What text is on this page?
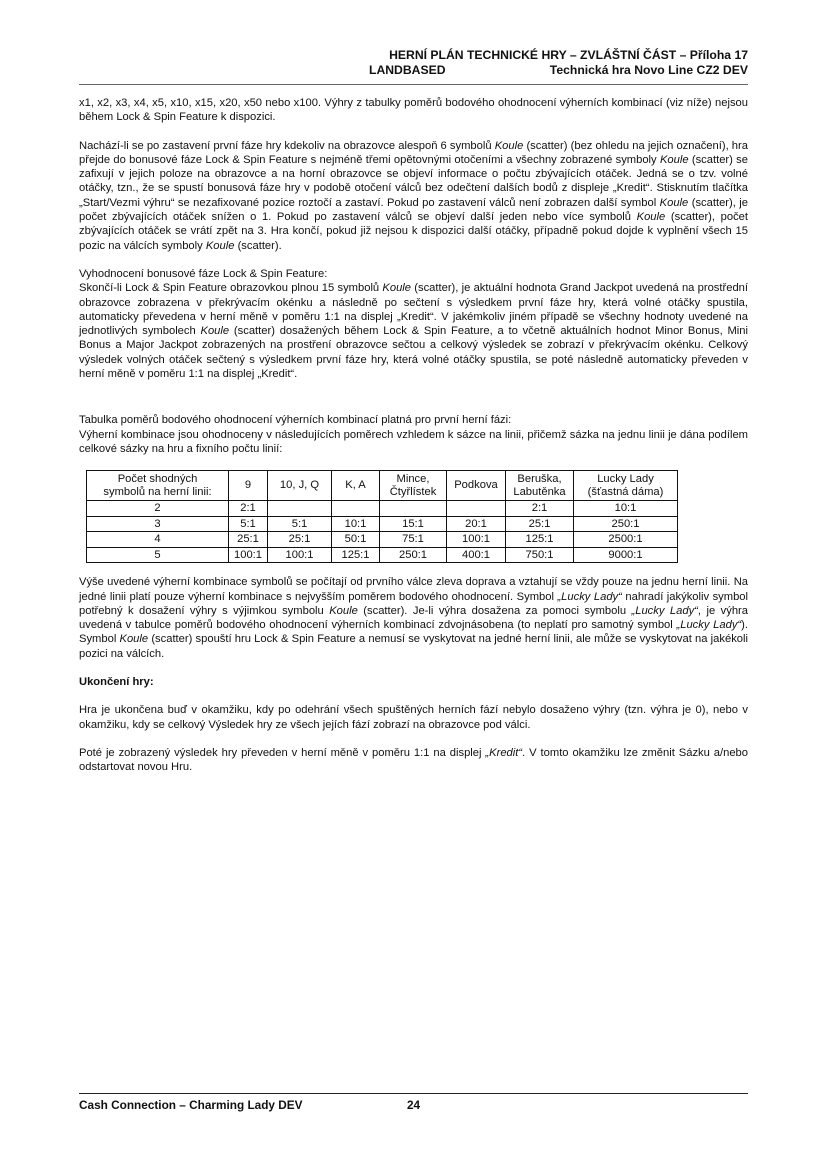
HERNÍ PLÁN TECHNICKÉ HRY – ZVLÁŠTNÍ ČÁST – Příloha 17
LANDBASED	Technická hra Novo Line CZ2 DEV

x1, x2, x3, x4, x5, x10, x15, x20, x50 nebo x100. Výhry z tabulky poměrů bodového ohodnocení výherních kombinací (viz níže) nejsou během Lock & Spin Feature k dispozici.

Nachází-li se po zastavení první fáze hry kdekoliv na obrazovce alespoň 6 symbolů Koule (scatter) (bez ohledu na jejich označení), hra přejde do bonusové fáze Lock & Spin Feature s nejméně třemi opětovnými otočeními a všechny zobrazené symboly Koule (scatter) se zafixují v jejich poloze na obrazovce a na horní obrazovce se objeví informace o počtu zbývajících otáček. Jedná se o tzv. volné otáčky, tzn., že se spustí bonusová fáze hry v podobě otočení válců bez odečtení dalších bodů z displeje „Kredit“. Stisknutím tlačítka „Start/Vezmi výhru“ se nezafixované pozice roztočí a zastaví. Pokud po zastavení válců není zobrazen další symbol Koule (scatter), je počet zbývajících otáček snížen o 1. Pokud po zastavení válců se objeví další jeden nebo více symbolů Koule (scatter), počet zbývajících otáček se vrátí zpět na 3. Hra končí, pokud již nejsou k dispozici další otáčky, případně pokud dojde k vyplnění všech 15 pozic na válcích symboly Koule (scatter).

Vyhodnocení bonusové fáze Lock & Spin Feature:

Skončí-li Lock & Spin Feature obrazovkou plnou 15 symbolů Koule (scatter), je aktuální hodnota Grand Jackpot uvedená na prostřední obrazovce zobrazena v překrývacím okénku a následně po sečtení s výsledkem první fáze hry, která volné otáčky spustila, automaticky převedena v herní měně v poměru 1:1 na displej „Kredit“. V jakémkoliv jiném případě se všechny hodnoty uvedené na jednotlivých symbolech Koule (scatter) dosažených během Lock & Spin Feature, a to včetně aktuálních hodnot Minor Bonus, Mini Bonus a Major Jackpot zobrazených na prostření obrazovce sečtou a celkový výsledek se zobrazí v překrývacím okénku. Celkový výsledek volných otáček sečtený s výsledkem první fáze hry, která volné otáčky spustila, se poté následně automaticky převeden v herní měně v poměru 1:1 na displej „Kredit“.

Tabulka poměrů bodového ohodnocení výherních kombinací platná pro první herní fázi:

Výherní kombinace jsou ohodnoceny v následujících poměrech vzhledem k sázce na linii, přičemž sázka na jednu linii je dána podílem celkové sázky na hru a fixního počtu linií:

Počet shodných
symbolů na herní linii:	9	10, J, Q	K, A	Mince,
Čtyřlístek	Podkova	Beruška,
Labutěnka	Lucky Lady
(šťastná dáma)
2	2:1					2:1	10:1
3	5:1	5:1	10:1	15:1	20:1	25:1	250:1
4	25:1	25:1	50:1	75:1	100:1	125:1	2500:1
5	100:1	100:1	125:1	250:1	400:1	750:1	9000:1

Výše uvedené výherní kombinace symbolů se počítají od prvního válce zleva doprava a vztahují se vždy pouze na jednu herní linii. Na jedné linii platí pouze výherní kombinace s nejvyšším poměrem bodového ohodnocení. Symbol „Lucky Lady“ nahradí jakýkoliv symbol potřebný k dosažení výhry s výjimkou symbolu Koule (scatter). Je-li výhra dosažena za pomoci symbolu „Lucky Lady“, je výhra uvedená v tabulce poměrů bodového ohodnocení výherních kombinací zdvojnásobena (to neplatí pro samotný symbol „Lucky Lady“). Symbol Koule (scatter) spouští hru Lock & Spin Feature a nemusí se vyskytovat na jedné herní linii, ale může se vyskytovat na jakékoli pozici na válcích.

Ukončení hry:

Hra je ukončena buď v okamžiku, kdy po odehrání všech spuštěných herních fází nebylo dosaženo výhry (tzn. výhra je 0), nebo v okamžiku, kdy se celkový Výsledek hry ze všech jejích fází zobrazí na obrazovce pod válci.

Poté je zobrazený výsledek hry převeden v herní měně v poměru 1:1 na displej „Kredit“. V tomto okamžiku lze změnit Sázku a/nebo odstartovat novou Hru.

Cash Connection – Charming Lady DEV	24
